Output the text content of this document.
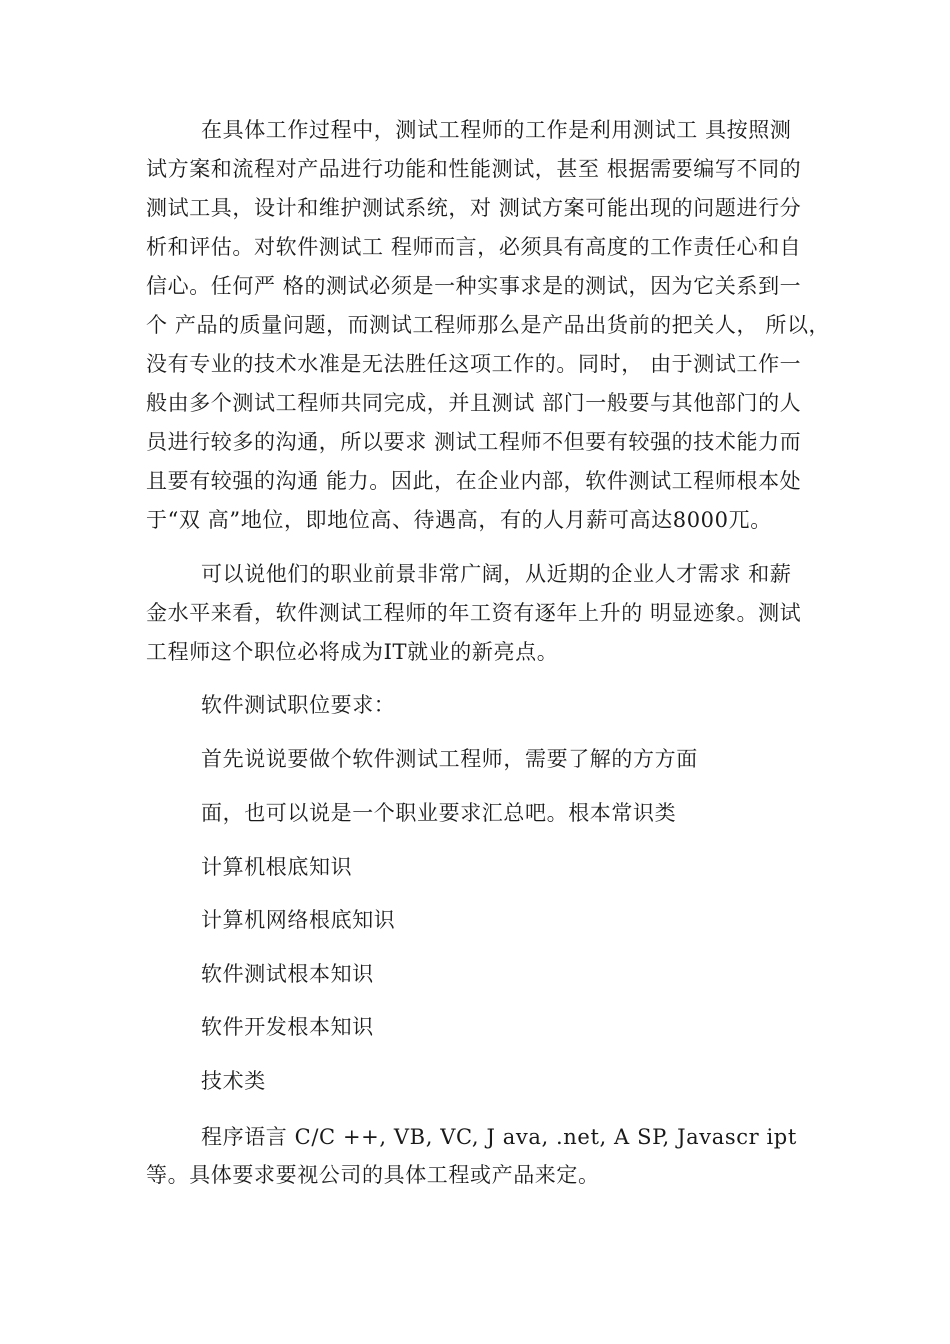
在具体工作过程中，测试工程师的工作是利用测试工 具按照测
试方案和流程对产品进行功能和性能测试，甚至 根据需要编写不同的
测试工具，设计和维护测试系统，对 测试方案可能出现的问题进行分
析和评估。对软件测试工 程师而言，必须具有高度的工作责任心和自
信心。任何严 格的测试必须是一种实事求是的测试，因为它关系到一
个 产品的质量问题，而测试工程师那么是产品出货前的把关人， 所以，
没有专业的技术水准是无法胜任这项工作的。同时， 由于测试工作一
般由多个测试工程师共同完成，并且测试 部门一般要与其他部门的人
员进行较多的沟通，所以要求 测试工程师不但要有较强的技术能力而
且要有较强的沟通 能力。因此，在企业内部，软件测试工程师根本处
于“双 高”地位，即地位高、待遇高，有的人月薪可高达8000兀。
可以说他们的职业前景非常广阔，从近期的企业人才需求 和薪
金水平来看，软件测试工程师的年工资有逐年上升的 明显迹象。测试
工程师这个职位必将成为IT就业的新亮点。
软件测试职位要求：
首先说说要做个软件测试工程师，需要了解的方方面
面，也可以说是一个职业要求汇总吧。根本常识类
计算机根底知识
计算机网络根底知识
软件测试根本知识
软件开发根本知识
技术类
程序语言 C/C ++, VB, VC, J ava, .net, A SP, Javascr ipt
等。具体要求要视公司的具体工程或产品来定。
